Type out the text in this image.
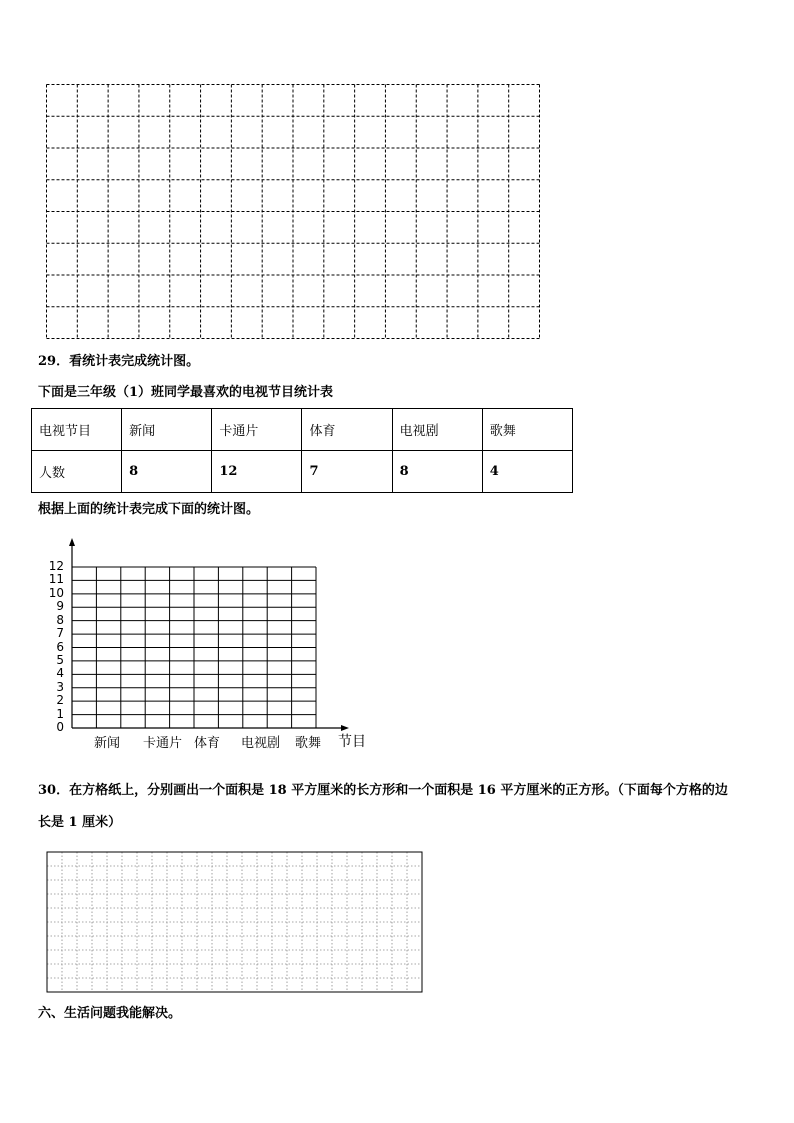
29．看统计表完成统计图。
下面是三年级（1）班同学最喜欢的电视节目统计表
电视节目	新闻	卡通片	体育	电视剧	歌舞
人数	8	12	7	8	4
根据上面的统计表完成下面的统计图。
0
1
2
3
4
5
6
7
8
9
10
11
12
新闻 卡通片 体育 电视剧 歌舞 节目
30．在方格纸上，分别画出一个面积是 18 平方厘米的长方形和一个面积是 16 平方厘米的正方形。（下面每个方格的边
长是 1 厘米）
六、生活问题我能解决。
